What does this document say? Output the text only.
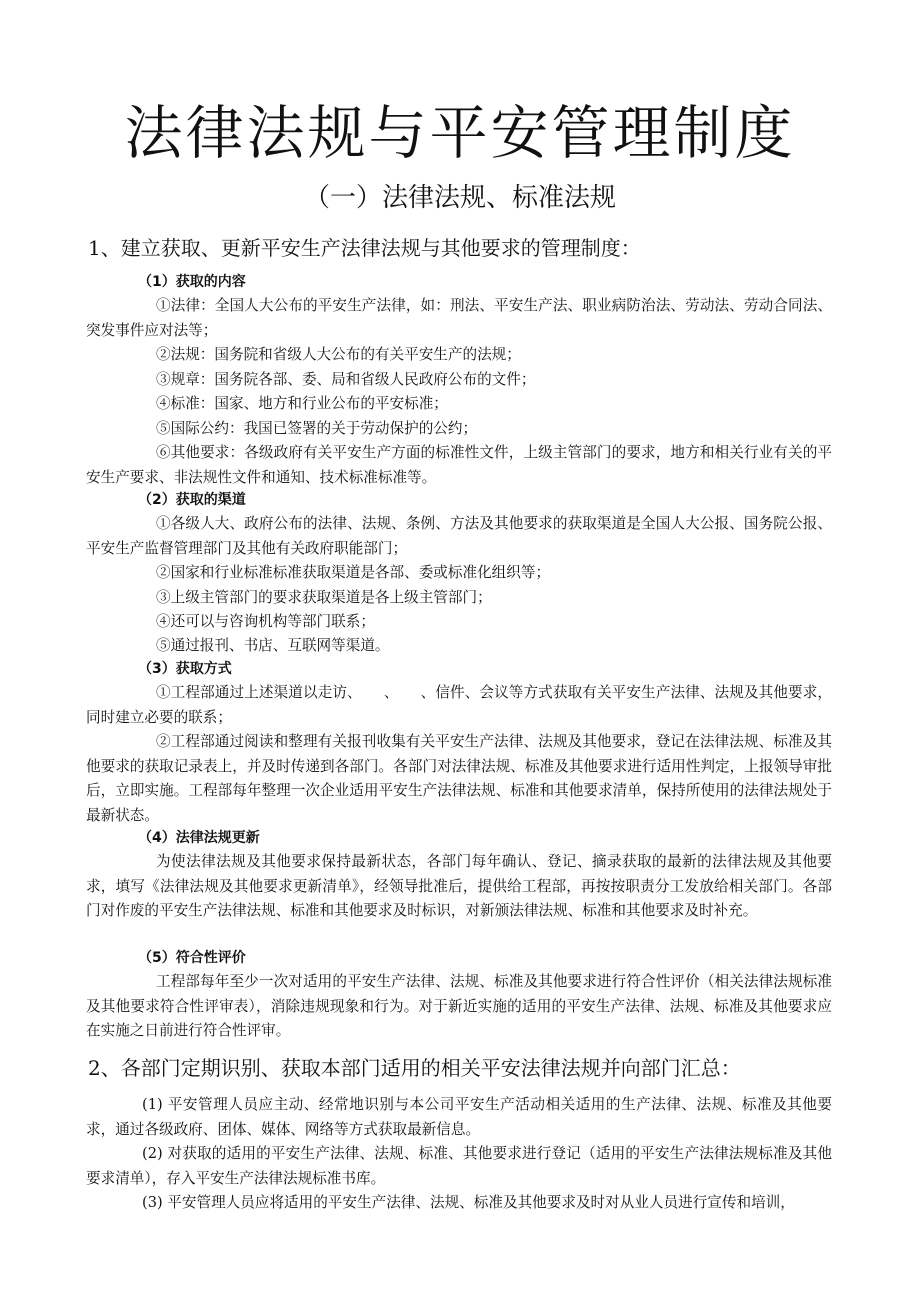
法律法规与平安管理制度
（一）法律法规、标准法规
1、建立获取、更新平安生产法律法规与其他要求的管理制度：
（1）获取的内容
①法律：全国人大公布的平安生产法律，如：刑法、平安生产法、职业病防治法、劳动法、劳动合同法、突发事件应对法等；
②法规：国务院和省级人大公布的有关平安生产的法规；
③规章：国务院各部、委、局和省级人民政府公布的文件；
④标准：国家、地方和行业公布的平安标准；
⑤国际公约：我国已签署的关于劳动保护的公约；
⑥其他要求：各级政府有关平安生产方面的标准性文件，上级主管部门的要求，地方和相关行业有关的平安生产要求、非法规性文件和通知、技术标准标准等。
（2）获取的渠道
①各级人大、政府公布的法律、法规、条例、方法及其他要求的获取渠道是全国人大公报、国务院公报、平安生产监督管理部门及其他有关政府职能部门；
②国家和行业标准标准获取渠道是各部、委或标准化组织等；
③上级主管部门的要求获取渠道是各上级主管部门；
④还可以与咨询机构等部门联系；
⑤通过报刊、书店、互联网等渠道。
（3）获取方式
①工程部通过上述渠道以走访、　　、　　、信件、会议等方式获取有关平安生产法律、法规及其他要求，同时建立必要的联系；
②工程部通过阅读和整理有关报刊收集有关平安生产法律、法规及其他要求，登记在法律法规、标准及其他要求的获取记录表上，并及时传递到各部门。各部门对法律法规、标准及其他要求进行适用性判定，上报领导审批后，立即实施。工程部每年整理一次企业适用平安生产法律法规、标准和其他要求清单，保持所使用的法律法规处于最新状态。
（4）法律法规更新
为使法律法规及其他要求保持最新状态，各部门每年确认、登记、摘录获取的最新的法律法规及其他要求，填写《法律法规及其他要求更新清单》，经领导批准后，提供给工程部，再按按职责分工发放给相关部门。各部门对作废的平安生产法律法规、标准和其他要求及时标识，对新颁法律法规、标准和其他要求及时补充。
（5）符合性评价
工程部每年至少一次对适用的平安生产法律、法规、标准及其他要求进行符合性评价（相关法律法规标准及其他要求符合性评审表），消除违规现象和行为。对于新近实施的适用的平安生产法律、法规、标准及其他要求应在实施之日前进行符合性评审。
2、各部门定期识别、获取本部门适用的相关平安法律法规并向部门汇总：
(1) 平安管理人员应主动、经常地识别与本公司平安生产活动相关适用的生产法律、法规、标准及其他要求，通过各级政府、团体、媒体、网络等方式获取最新信息。
(2) 对获取的适用的平安生产法律、法规、标准、其他要求进行登记（适用的平安生产法律法规标准及其他要求清单），存入平安生产法律法规标准书库。
(3) 平安管理人员应将适用的平安生产法律、法规、标准及其他要求及时对从业人员进行宣传和培训，
